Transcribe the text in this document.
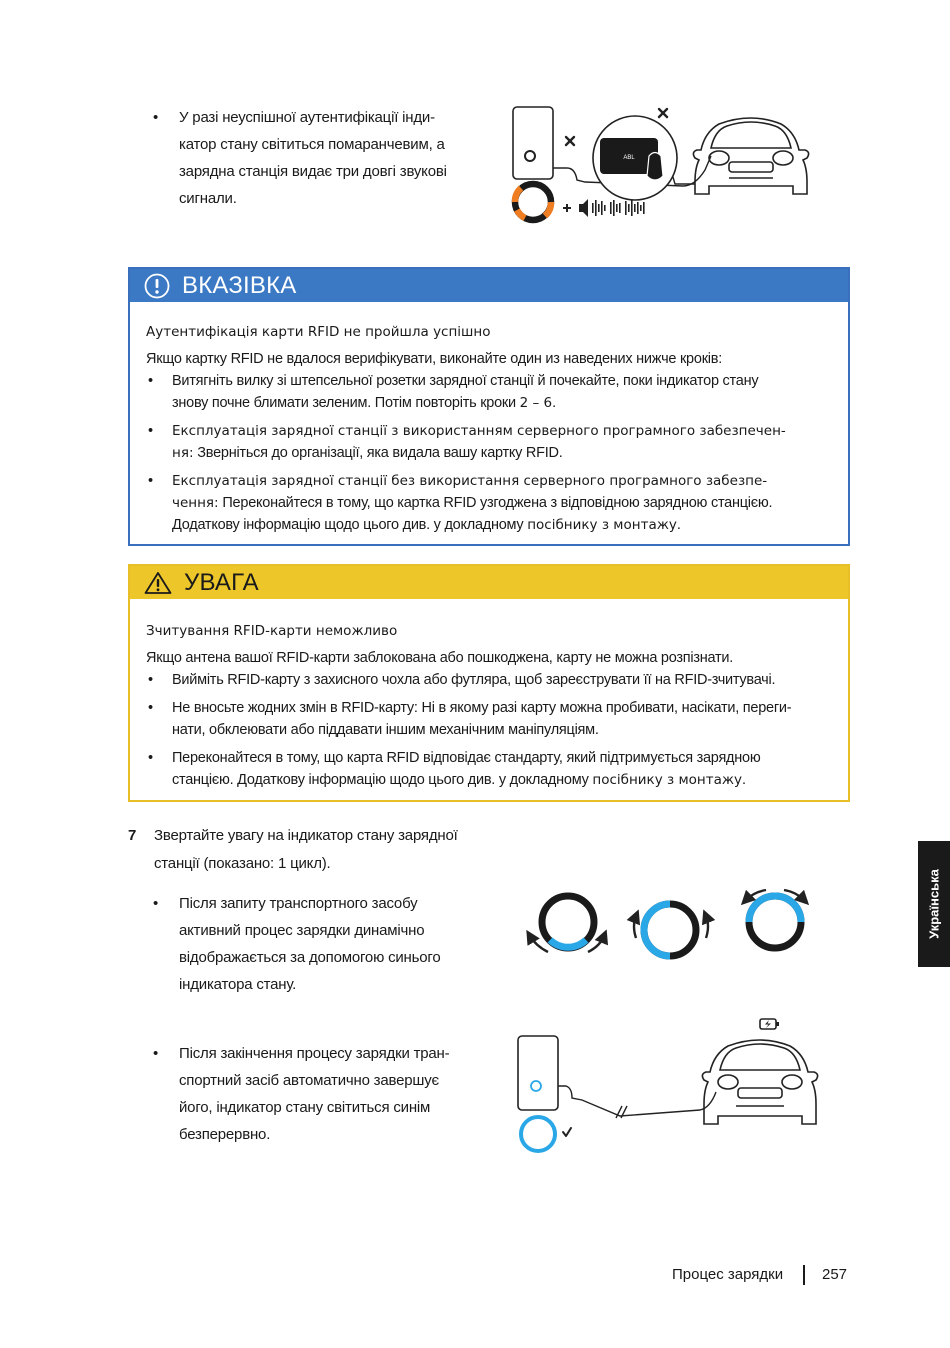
• У разі неуспішної аутентифікації інди-
катор стану світиться помаранчевим, а
зарядна станція видає три довгі звукові
сигнали.
ABL
ВКАЗІВКА
Аутентифікація карти RFID не пройшла успішно
Якщо картку RFID не вдалося верифікувати, виконайте один из наведених нижче кроків:
• Витягніть вилку зі штепсельної розетки зарядної станції й почекайте, поки індикатор стану
знову почне блимати зеленим. Потім повторіть кроки 2 – 6.
• Експлуатація зарядної станції з використанням серверного програмного забезпечен-
ня: Зверніться до організації, яка видала вашу картку RFID.
• Експлуатація зарядної станції без використання серверного програмного забезпе-
чення: Переконайтеся в тому, що картка RFID узгоджена з відповідною зарядною станцією.
Додаткову інформацію щодо цього див. у докладному посібнику з монтажу.
УВАГА
Зчитування RFID-карти неможливо
Якщо антена вашої RFID-карти заблокована або пошкоджена, карту не можна розпізнати.
• Вийміть RFID-карту з захисного чохла або футляра, щоб зареєструвати її на RFID-зчитувачі.
• Не вносьте жодних змін в RFID-карту: Ні в якому разі карту можна пробивати, насікати, переги-
нати, обклеювати або піддавати іншим механічним маніпуляціям.
• Переконайтеся в тому, що карта RFID відповідає стандарту, який підтримується зарядною
станцією. Додаткову інформацію щодо цього див. у докладному посібнику з монтажу.
7 Звертайте увагу на індикатор стану зарядної
станції (показано: 1 цикл).
• Після запиту транспортного засобу
активний процес зарядки динамічно
відображається за допомогою синього
індикатора стану.
• Після закінчення процесу зарядки тран-
спортний засіб автоматично завершує
його, індикатор стану світиться синім
безперервно.
Українська
Процес зарядки	257
